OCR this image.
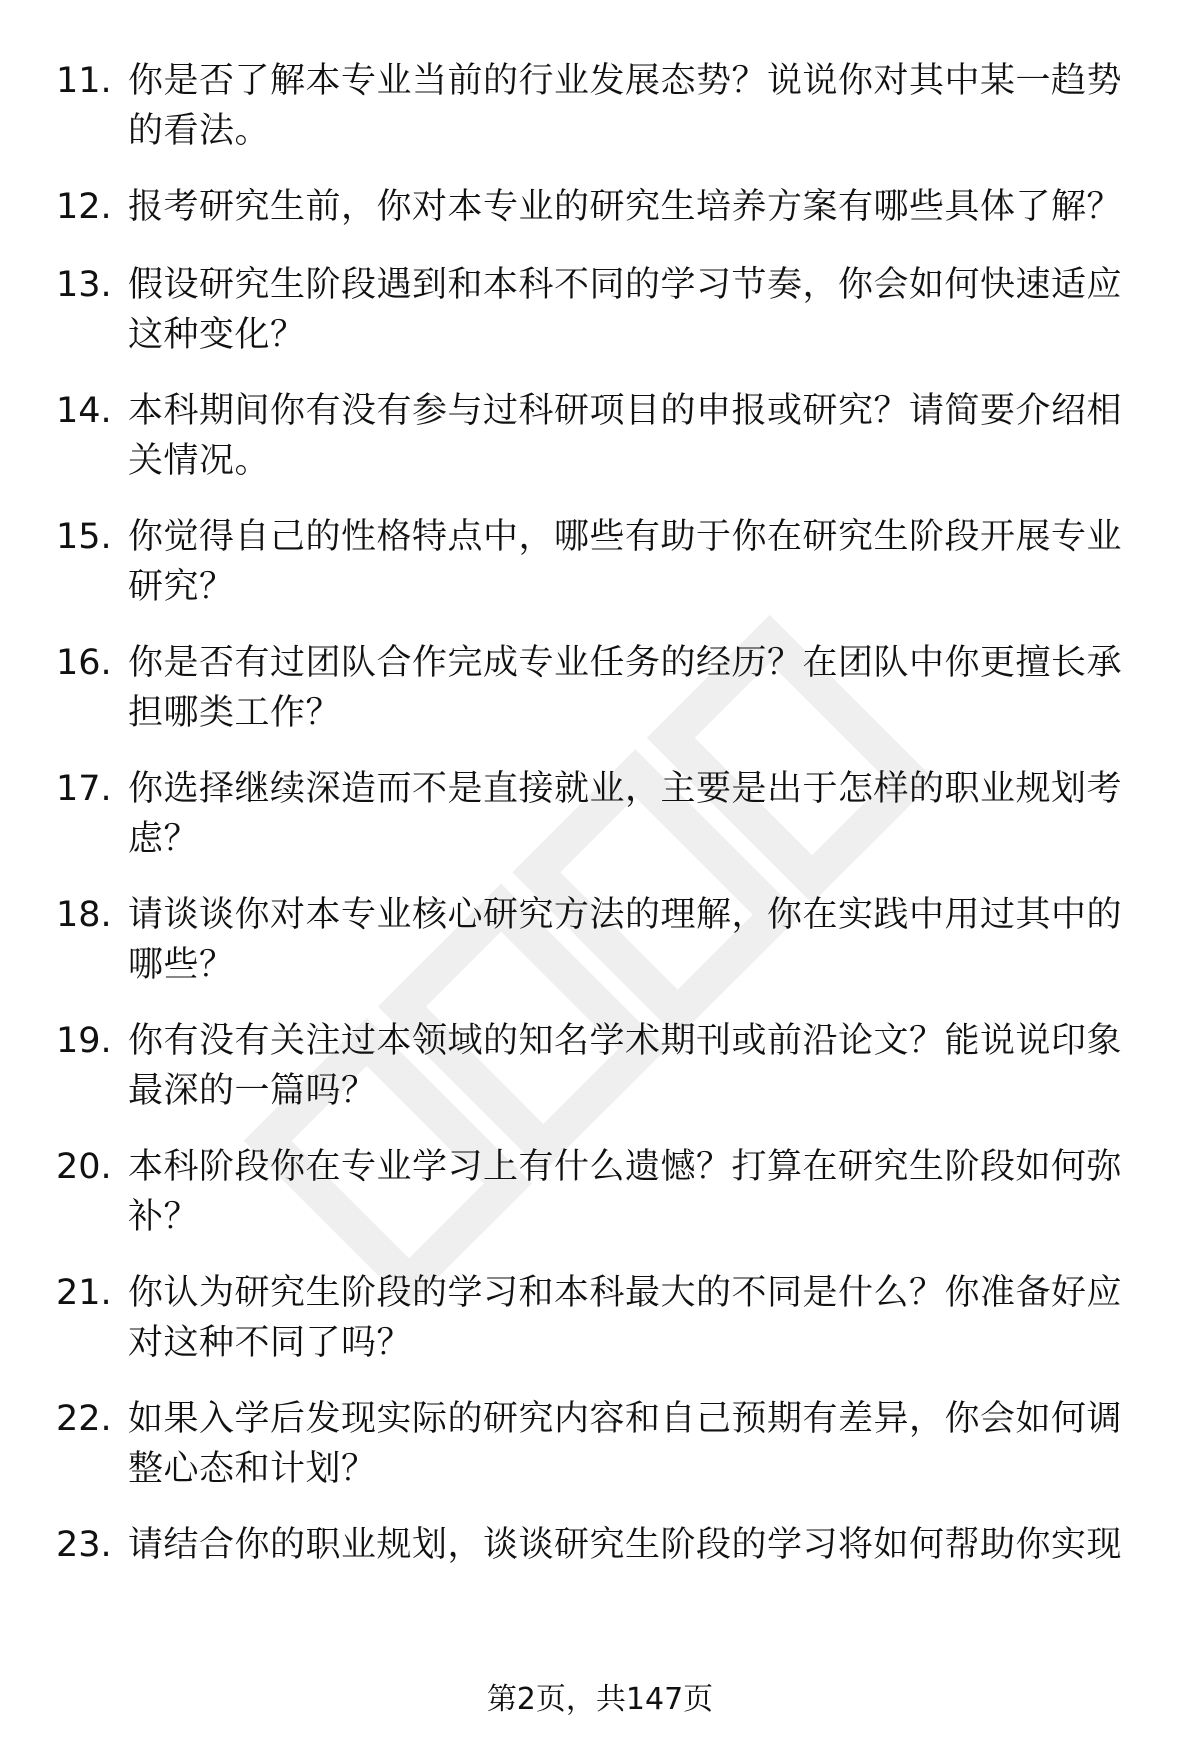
11. 你是否了解本专业当前的行业发展态势？说说你对其中某一趋势的看法。
12. 报考研究生前，你对本专业的研究生培养方案有哪些具体了解？
13. 假设研究生阶段遇到和本科不同的学习节奏，你会如何快速适应这种变化？
14. 本科期间你有没有参与过科研项目的申报或研究？请简要介绍相关情况。
15. 你觉得自己的性格特点中，哪些有助于你在研究生阶段开展专业研究？
16. 你是否有过团队合作完成专业任务的经历？在团队中你更擅长承担哪类工作？
17. 你选择继续深造而不是直接就业，主要是出于怎样的职业规划考虑？
18. 请谈谈你对本专业核心研究方法的理解，你在实践中用过其中的哪些？
19. 你有没有关注过本领域的知名学术期刊或前沿论文？能说说印象最深的一篇吗？
20. 本科阶段你在专业学习上有什么遗憾？打算在研究生阶段如何弥补？
21. 你认为研究生阶段的学习和本科最大的不同是什么？你准备好应对这种不同了吗？
22. 如果入学后发现实际的研究内容和自己预期有差异，你会如何调整心态和计划？
23. 请结合你的职业规划，谈谈研究生阶段的学习将如何帮助你实现
第2页，共147页
